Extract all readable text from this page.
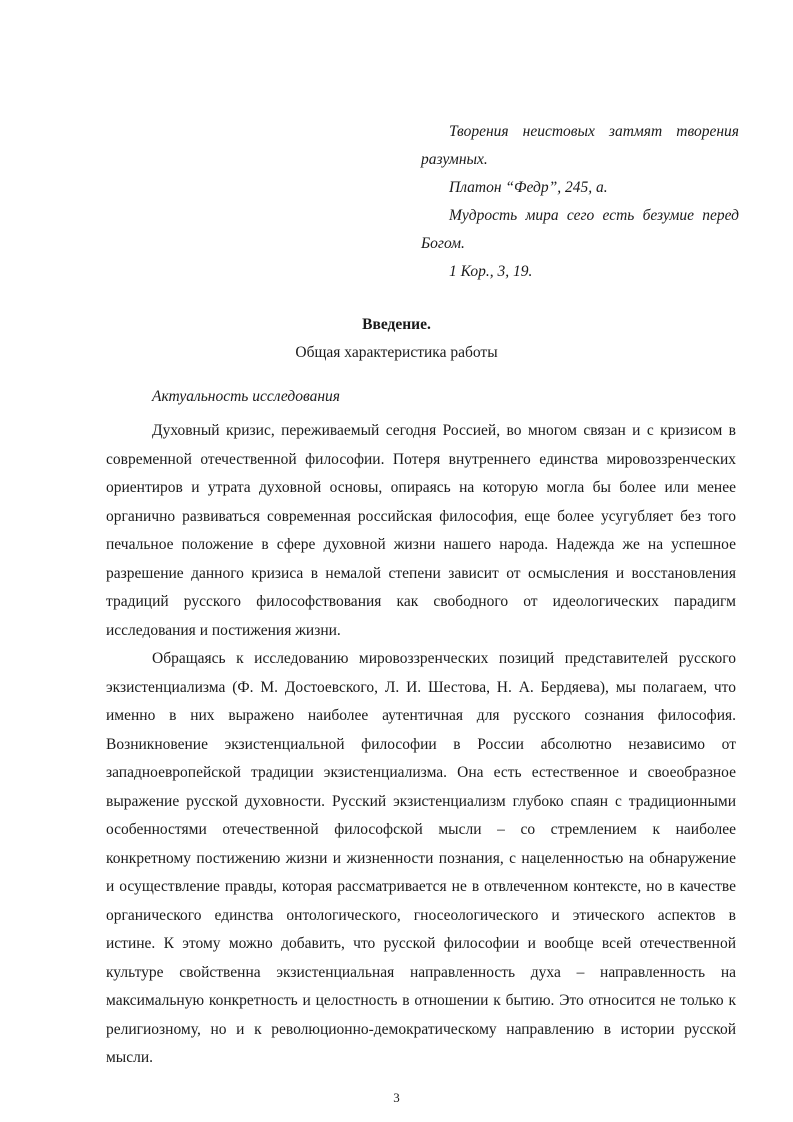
Творения неистовых затмят творения
разумных.
Платон “Федр”, 245, а.
Мудрость мира сего есть безумие перед
Богом.
1 Кор., 3, 19.
Введение.
Общая характеристика работы
Актуальность исследования
Духовный кризис, переживаемый сегодня Россией, во многом связан и с кризисом в
современной отечественной философии. Потеря внутреннего единства мировоззренческих
ориентиров и утрата духовной основы, опираясь на которую могла бы более или менее
органично развиваться современная российская философия, еще более усугубляет без того
печальное положение в сфере духовной жизни нашего народа. Надежда же на успешное
разрешение данного кризиса в немалой степени зависит от осмысления и восстановления
традиций русского философствования как свободного от идеологических парадигм
исследования и постижения жизни.
Обращаясь к исследованию мировоззренческих позиций представителей русского
экзистенциализма (Ф. М. Достоевского, Л. И. Шестова, Н. А. Бердяева), мы полагаем, что
именно в них выражено наиболее аутентичная для русского сознания философия.
Возникновение экзистенциальной философии в России абсолютно независимо от
западноевропейской традиции экзистенциализма. Она есть естественное и своеобразное
выражение русской духовности. Русский экзистенциализм глубоко спаян с традиционными
особенностями отечественной философской мысли – со стремлением к наиболее
конкретному постижению жизни и жизненности познания, с нацеленностью на обнаружение
и осуществление правды, которая рассматривается не в отвлеченном контексте, но в качестве
органического единства онтологического, гносеологического и этического аспектов в
истине. К этому можно добавить, что русской философии и вообще всей отечественной
культуре свойственна экзистенциальная направленность духа – направленность на
максимальную конкретность и целостность в отношении к бытию. Это относится не только к
религиозному, но и к революционно-демократическому направлению в истории русской
мысли.
3
